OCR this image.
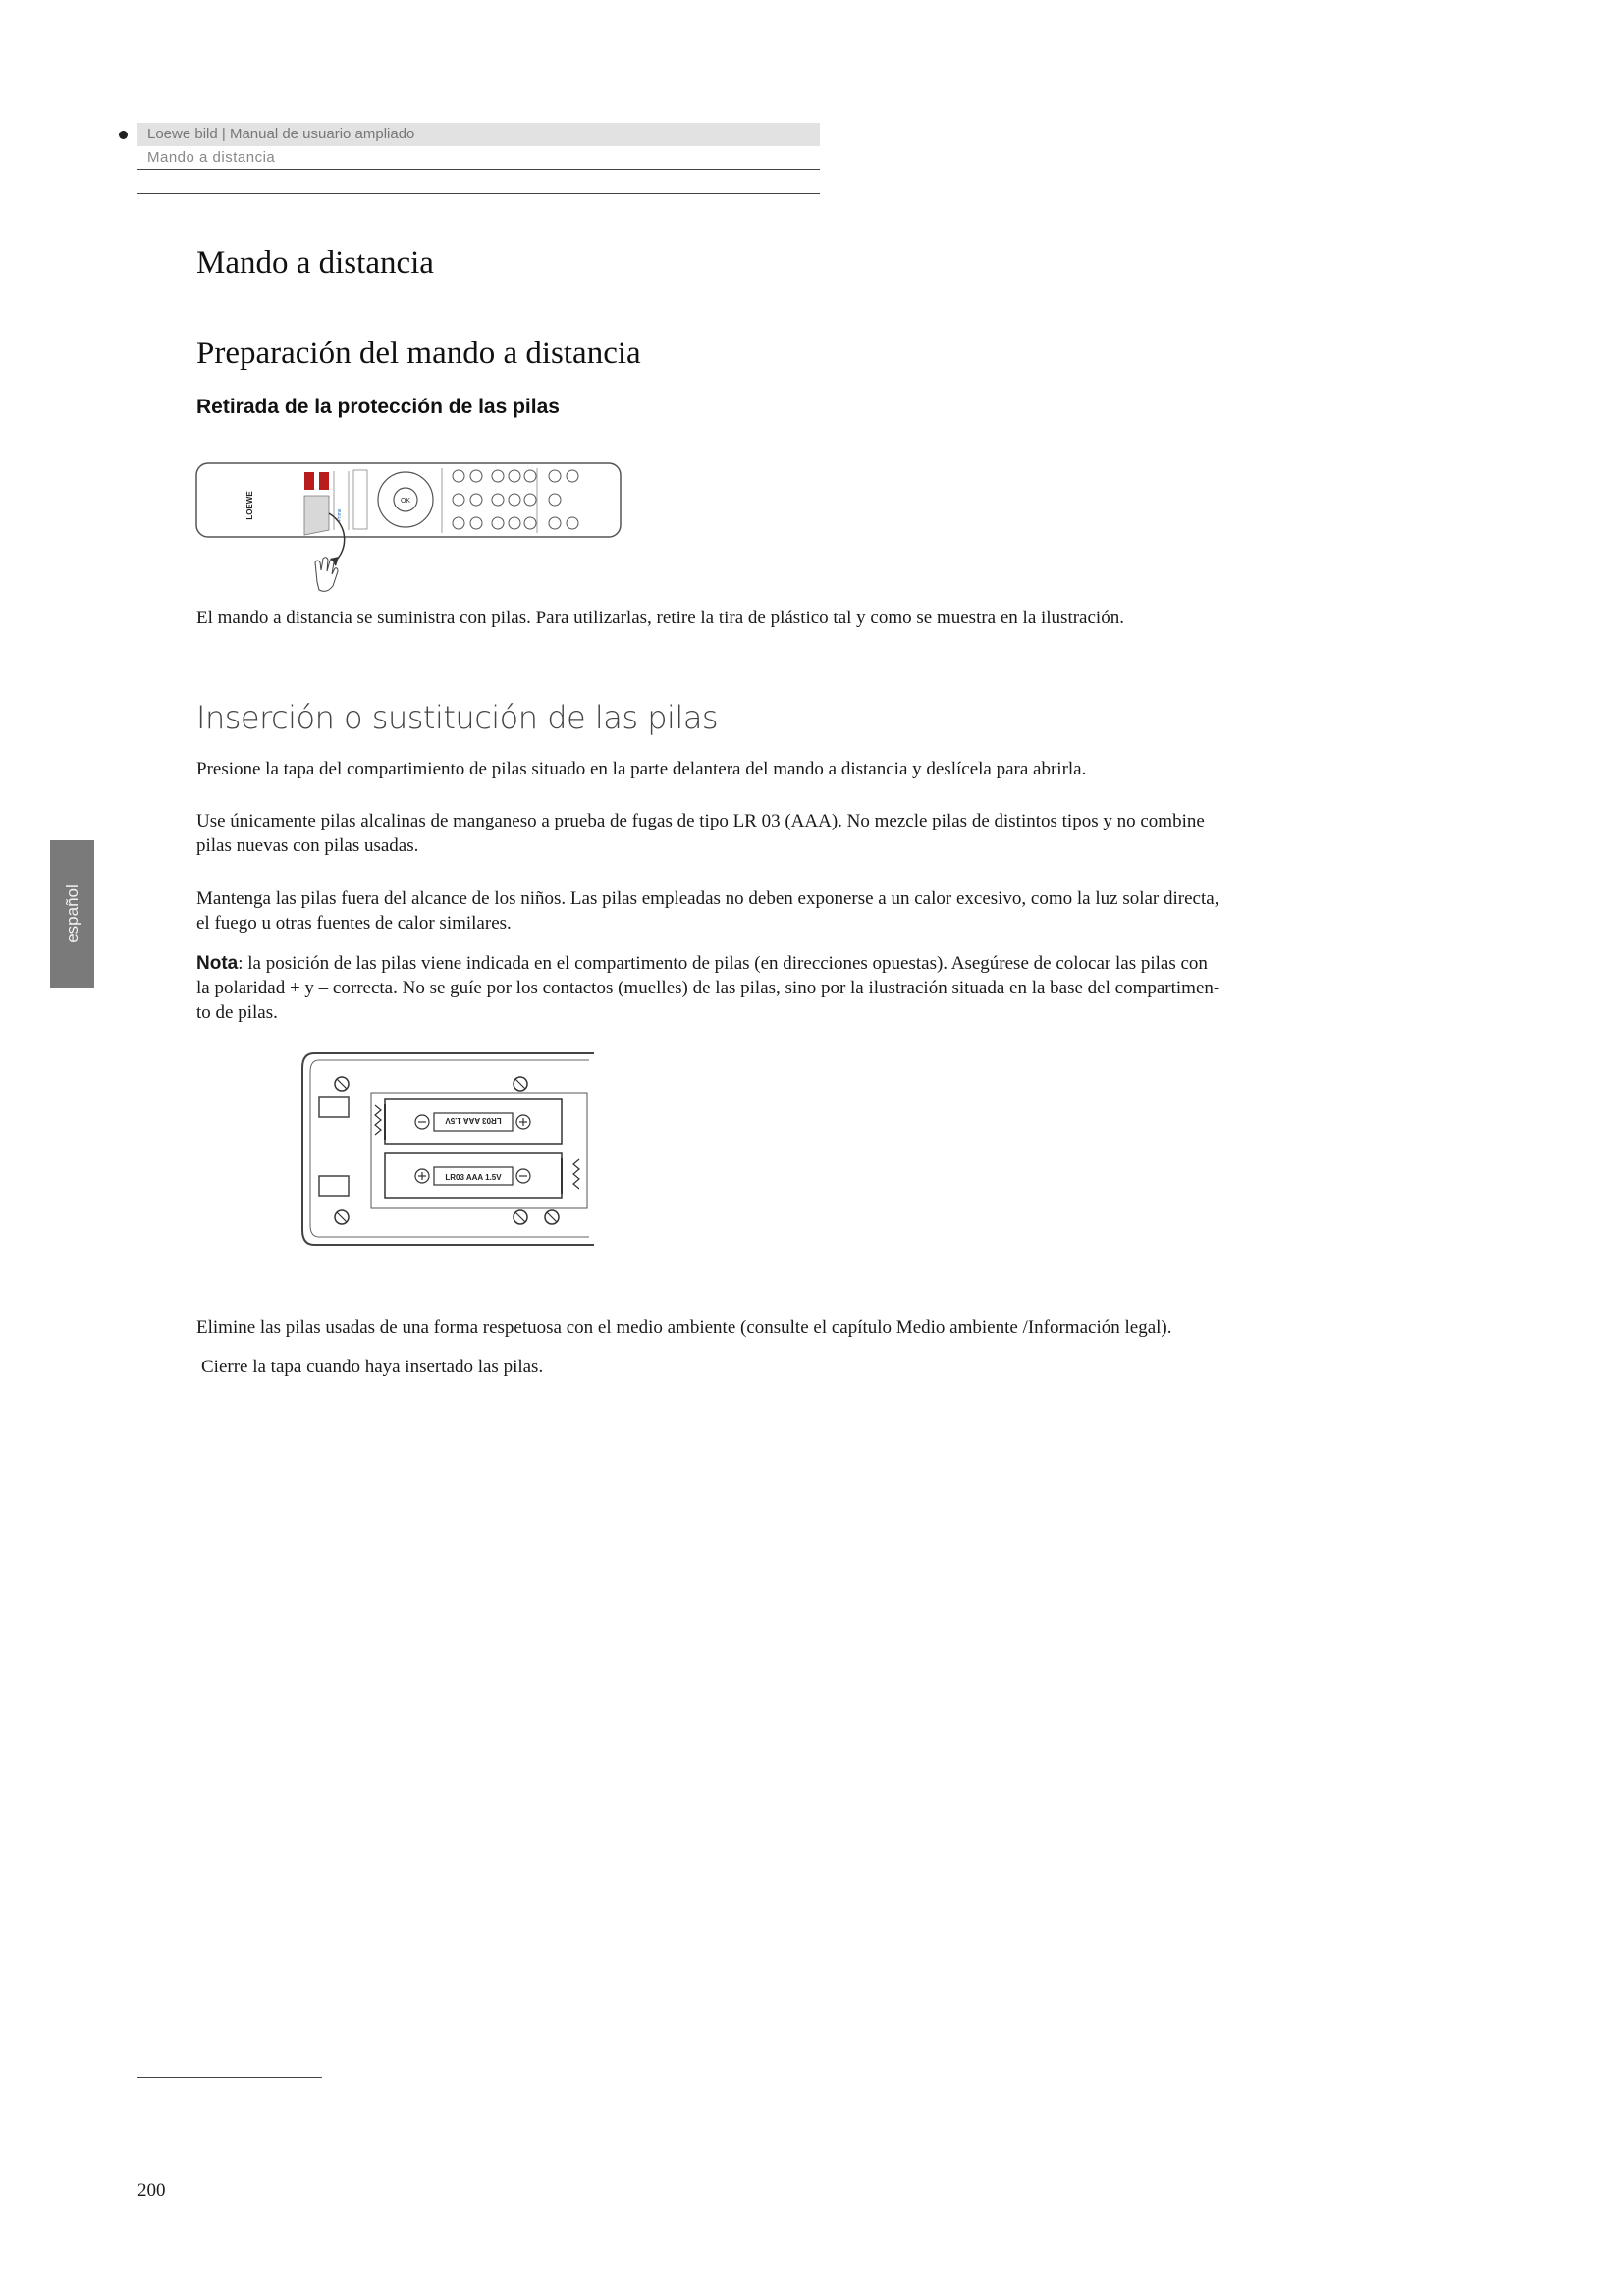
Loewe bild | Manual de usuario ampliado
Mando a distancia
español
Mando a distancia
Preparación del mando a distancia
Retirada de la protección de las pilas
LOEWE	Prime
OK

El mando a distancia se suministra con pilas. Para utilizarlas, retire la tira de plástico tal y como se muestra en la ilustración.

Inserción o sustitución de las pilas

Presione la tapa del compartimiento de pilas situado en la parte delantera del mando a distancia y deslícela para abrirla.

Use únicamente pilas alcalinas de manganeso a prueba de fugas de tipo LR 03 (AAA). No mezcle pilas de distintos tipos y no combine
pilas nuevas con pilas usadas.

Mantenga las pilas fuera del alcance de los niños. Las pilas empleadas no deben exponerse a un calor excesivo, como la luz solar directa,
el fuego u otras fuentes de calor similares.

Nota: la posición de las pilas viene indicada en el compartimento de pilas (en direcciones opuestas). Asegúrese de colocar las pilas con
la polaridad + y – correcta. No se guíe por los contactos (muelles) de las pilas, sino por la ilustración situada en la base del compartimen-
to de pilas.

LR03 AAA 1.5V
LR03 AAA 1.5V

Elimine las pilas usadas de una forma respetuosa con el medio ambiente (consulte el capítulo Medio ambiente /Información legal).

Cierre la tapa cuando haya insertado las pilas.

200
